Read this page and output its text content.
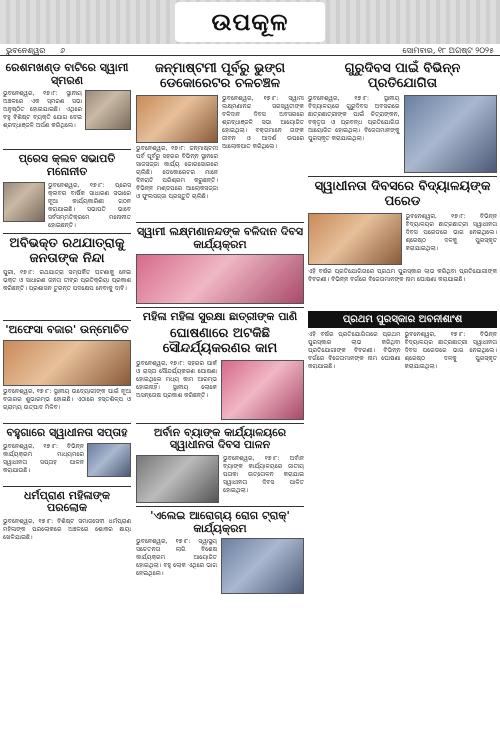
ଉପକୂଳ
ଭୁବନେଶ୍ୱର ୬	ସୋମବାର, ୧୮ ଅଗଷ୍ଟ ୨୦୨୫
ରେଶମଖଣ୍ଡ ବାଟିରେ ସ୍ୱାମୀ ସ୍ମରଣ
ଭୁବନେଶ୍ୱର, ୧୭।୮: ସ୍ଥାନୀୟ ଅଞ୍ଚଳରେ ଏକ ସ୍ମରଣ ସଭା ଅନୁଷ୍ଠିତ ହୋଇଯାଇଛି। ଏଥିରେ ବହୁ ବିଶିଷ୍ଟ ବ୍ୟକ୍ତି ଯୋଗ ଦେଇ ଶ୍ରଦ୍ଧାଞ୍ଜଳି ଅର୍ପଣ କରିଥିଲେ।
ପ୍ରେସ କ୍ଲବ ସଭାପତି ମନୋନୀତ
ଭୁବନେଶ୍ୱର, ୧୭।୮: ପ୍ରେସ କ୍ଲବର ବାର୍ଷିକ ସାଧାରଣ ସଭାରେ ନୂଆ କାର୍ଯ୍ୟକାରିଣୀ ଗଠନ କରାଯାଇଛି। ସଭାପତି ଭାବେ ସର୍ବସମ୍ମତିକ୍ରମେ ମନୋନୀତ ହୋଇଛନ୍ତି।
ଅବିଭକ୍ତ ରଥଯାତ୍ରାକୁ ଜନତାଙ୍କ ନିନ୍ଦା
ପୁରୀ, ୧୭।୮: ରଥଯାତ୍ରା ସମ୍ପର୍କିତ ଘଟଣାକୁ ନେଇ ଭକ୍ତ ଓ ସାଧାରଣ ଜନତା ତୀବ୍ର ପ୍ରତିକ୍ରିୟା ପ୍ରକାଶ କରିଛନ୍ତି। ପ୍ରଶାସନ ତୁରନ୍ତ ପଦକ୍ଷେପ ନେବାକୁ ଦାବି।
'ଅଫେସା ବଜାର' ଉନ୍ମୋଚିତ
ଭୁବନେଶ୍ୱର, ୧୭।୮: ସ୍ଥାନୀୟ ଉଦ୍ୟୋଗୀଙ୍କ ପାଇଁ ନୂଆ ବଜାରର ଶୁଭାରମ୍ଭ ହୋଇଛି। ଏଠାରେ ହସ୍ତଶିଳ୍ପ ଓ ଗ୍ରାମ୍ୟ ଉତ୍ପାଦ ମିଳିବ।
ବହୁଗାରେ ସ୍ୱାଧୀନତା ସପ୍ତାହ
ଭୁବନେଶ୍ୱର, ୧୭।୮: ବିଭିନ୍ନ କାର୍ଯ୍ୟକ୍ରମ ମାଧ୍ୟମରେ ସ୍ୱାଧୀନତା ସପ୍ତାହ ପାଳନ କରାଯାଉଛି।
ଧର୍ମପ୍ରାଣ ମହିଳାଙ୍କ ପରଲୋକ
ଭୁବନେଶ୍ୱର, ୧୭।୮: ବିଶିଷ୍ଟ ସମାଜସେବୀ ଧର୍ମପ୍ରାଣ ମହିଳାଙ୍କ ପରଲୋକରେ ଅଞ୍ଚଳରେ ଶୋକର ଛାୟା ଖେଳିଯାଇଛି।
ଜନ୍ମାଷ୍ଟମୀ ପୂର୍ବରୁ ଭୁଙ୍ଗ ଡେକୋରେଟର ଚଳଚଞ୍ଚଳ
ଭୁବନେଶ୍ୱର, ୧୭।୮: ଜନ୍ମାଷ୍ଟମୀ ପର୍ବ ପୂର୍ବରୁ ସହରର ବିଭିନ୍ନ ସ୍ଥାନରେ ସାଜସଜ୍ଜା କାର୍ଯ୍ୟ ଜୋରସୋରରେ ଚାଲିଛି। ଡେକୋରେଟର ମାନେ ଦିନରାତି ପରିଶ୍ରମ କରୁଛନ୍ତି। ବିଭିନ୍ନ ମଣ୍ଡପରେ ଆଲୋକସଜ୍ଜା ଓ ଫୁଲସଜ୍ଜା ପ୍ରସ୍ତୁତି ଚାଲିଛି।
ଭୁବନେଶ୍ୱର, ୧୭।୮: ସ୍ୱାମୀ ଲକ୍ଷ୍ମଣାନନ୍ଦ ସରସ୍ୱତୀଙ୍କ ବଳିଦାନ ଦିବସ ଅବସରରେ ଶ୍ରଦ୍ଧାଞ୍ଜଳି ସଭା ଆୟୋଜିତ ହୋଇଥିଲା। ବକ୍ତାମାନେ ତାଙ୍କ ଜୀବନ ଓ ଆଦର୍ଶ ଉପରେ ଆଲୋକପାତ କରିଥିଲେ।
ସ୍ୱାମୀ ଲକ୍ଷ୍ମଣାନନ୍ଦଙ୍କ ବଳିଦାନ ଦିବସ କାର୍ଯ୍ୟକ୍ରମ
ମହିଳା ମହିଳା ସୁରକ୍ଷା ଛାତ୍ରୀଙ୍କ ପାଣି
ଘୋଷଣାରେ ଅଟକିଛି ସୌନ୍ଦର୍ଯ୍ୟକରଣର କାମ
ଭୁବନେଶ୍ୱର, ୧୭।୮: ସହରର ପାର୍କ ଓ ରାସ୍ତା ସୌନ୍ଦର୍ଯ୍ୟକରଣ ଘୋଷଣା ହୋଇଥିଲେ ମଧ୍ୟ କାମ ଆରମ୍ଭ ହୋଇନାହିଁ। ସ୍ଥାନୀୟ ଲୋକେ ଅସନ୍ତୋଷ ପ୍ରକାଶ କରିଛନ୍ତି।
ଅର୍ବାନ ବ୍ୟାଙ୍କ କାର୍ଯ୍ୟାଳୟରେ ସ୍ୱାଧୀନତା ଦିବସ ପାଳନ
ଭୁବନେଶ୍ୱର, ୧୭।୮: ଅର୍ବାନ ବ୍ୟାଙ୍କ କାର୍ଯ୍ୟାଳୟରେ ଜାତୀୟ ପତାକା ଉତ୍ତୋଳନ କରାଯାଇ ସ୍ୱାଧୀନତା ଦିବସ ପାଳିତ ହୋଇଥିଲା।
'ଏଲେଇ ଆରୋଗ୍ୟ ରୋଗ ଟ୍ରାକ୍' କାର୍ଯ୍ୟକ୍ରମ
ଭୁବନେଶ୍ୱର, ୧୭।୮: ସ୍ୱାସ୍ଥ୍ୟ ସଚେତନତା ଲାଗି ବିଶେଷ କାର୍ଯ୍ୟକ୍ରମ ଆୟୋଜିତ ହୋଇଥିଲା। ବହୁ ଲୋକ ଏଥିରେ ଭାଗ ନେଇଥିଲେ।
ଗୁରୁଦିବସ ପାଇଁ ବିଭିନ୍ନ ପ୍ରତିଯୋଗିତା
ଭୁବନେଶ୍ୱର, ୧୭।୮: ସ୍ଥାନୀୟ ବିଦ୍ୟାଳୟରେ ଗୁରୁଦିବସ ଅବସରରେ ଛାତ୍ରଛାତ୍ରୀଙ୍କ ପାଇଁ ଚିତ୍ରାଙ୍କନ, ବକ୍ତୃତା ଓ ପ୍ରବନ୍ଧ ପ୍ରତିଯୋଗିତା ଆୟୋଜିତ ହୋଇଥିଲା। ବିଜେତାମାନଙ୍କୁ ପୁରସ୍କୃତ କରାଯାଇଥିଲା।
ସ୍ୱାଧୀନତା ଦିବସରେ ବିଦ୍ୟାଳୟଙ୍କ ପରେଡ
ଭୁବନେଶ୍ୱର, ୧୭।୮: ବିଭିନ୍ନ ବିଦ୍ୟାଳୟର ଛାତ୍ରଛାତ୍ରୀ ସ୍ୱାଧୀନତା ଦିବସ ପରେଡରେ ଭାଗ ନେଇଥିଲେ। ଶ୍ରେଷ୍ଠ ଦଳକୁ ପୁରସ୍କୃତ କରାଯାଇଥିଲା।
ଏହି ବର୍ଷର ପ୍ରତିଯୋଗିତାରେ ପ୍ରଥମ ପୁରସ୍କାର ଲାଭ କରିଥିବା ପ୍ରତିଯୋଗୀଙ୍କ ବିବରଣୀ। ବିଭିନ୍ନ ବର୍ଗରେ ବିଜେତାମାନଙ୍କ ନାମ ଘୋଷଣା କରାଯାଇଛି।
ପ୍ରଥମ ପୁରସ୍କାର ଅବନୀଶାଂଶ
ଏହି ବର୍ଷର ପ୍ରତିଯୋଗିତାରେ ପ୍ରଥମ ପୁରସ୍କାର ଲାଭ କରିଥିବା ପ୍ରତିଯୋଗୀଙ୍କ ବିବରଣୀ। ବିଭିନ୍ନ ବର୍ଗରେ ବିଜେତାମାନଙ୍କ ନାମ ଘୋଷଣା କରାଯାଇଛି।
ଭୁବନେଶ୍ୱର, ୧୭।୮: ବିଭିନ୍ନ ବିଦ୍ୟାଳୟର ଛାତ୍ରଛାତ୍ରୀ ସ୍ୱାଧୀନତା ଦିବସ ପରେଡରେ ଭାଗ ନେଇଥିଲେ। ଶ୍ରେଷ୍ଠ ଦଳକୁ ପୁରସ୍କୃତ କରାଯାଇଥିଲା।
